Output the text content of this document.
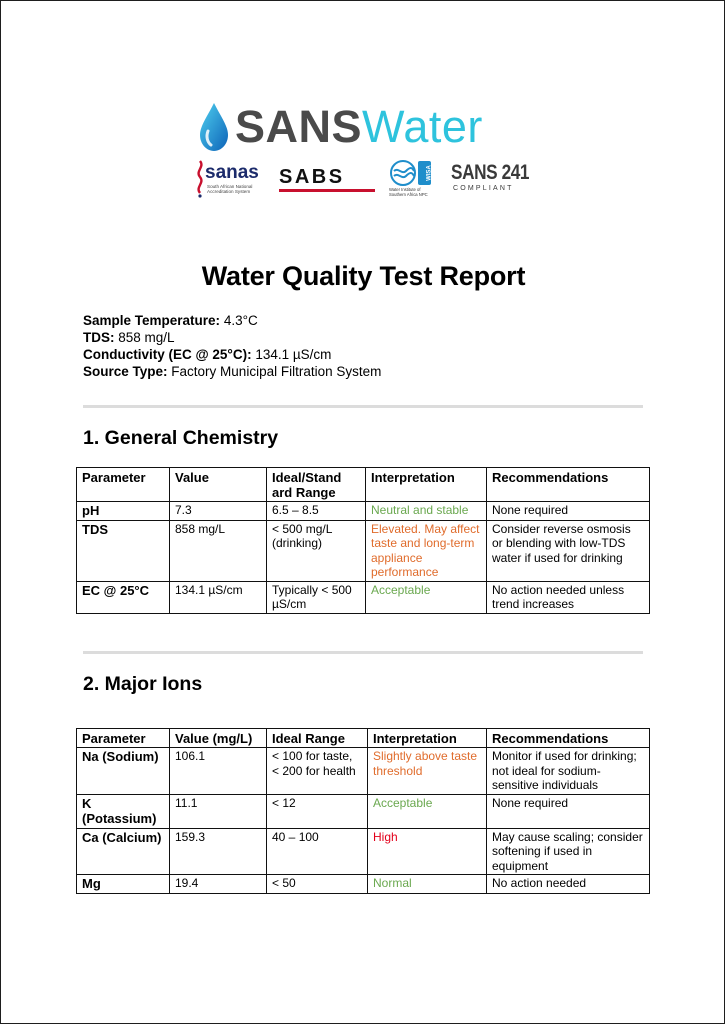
SANS Water
sanas
South African National Accreditation System
SABS	WISA
Water Institute of Southern Africa NPC
SANS 241
COMPLIANT
Water Quality Test Report
Sample Temperature: 4.3°C
TDS: 858 mg/L
Conductivity (EC @ 25°C): 134.1 µS/cm
Source Type: Factory Municipal Filtration System
1. General Chemistry
Parameter	Value	Ideal/Stand ard Range	Interpretation	Recommendations
pH	7.3	6.5 – 8.5	Neutral and stable	None required
TDS	858 mg/L	< 500 mg/L (drinking)	Elevated. May affect taste and long-term appliance performance	Consider reverse osmosis or blending with low-TDS water if used for drinking
EC @ 25°C	134.1 µS/cm	Typically < 500 µS/cm	Acceptable	No action needed unless trend increases
2. Major Ions
Parameter	Value (mg/L)	Ideal Range	Interpretation	Recommendations
Na (Sodium)	106.1	< 100 for taste, < 200 for health	Slightly above taste threshold	Monitor if used for drinking; not ideal for sodium-sensitive individuals
K (Potassium)	11.1	< 12	Acceptable	None required
Ca (Calcium)	159.3	40 – 100	High	May cause scaling; consider softening if used in equipment
Mg	19.4	< 50	Normal	No action needed
